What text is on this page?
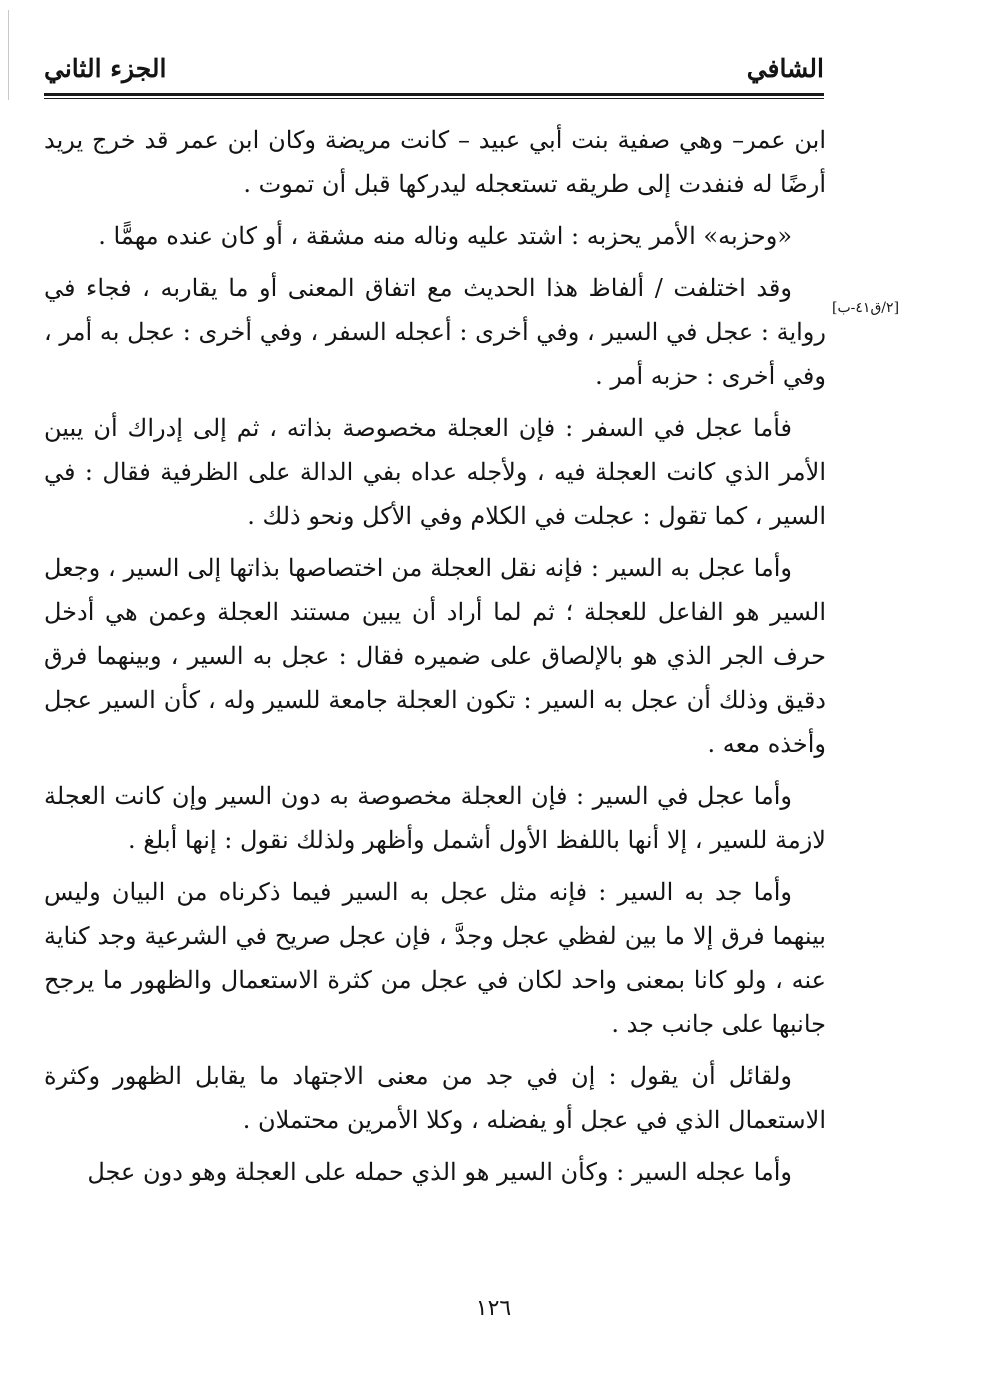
الشافي
الجزء الثاني
[٢/ق٤١-ب]

ابن عمر– وهي صفية بنت أبي عبيد – كانت مريضة وكان ابن عمر قد خرج يريد أرضًا له فنفدت إلى طريقه تستعجله ليدركها قبل أن تموت .

«وحزبه» الأمر يحزبه : اشتد عليه وناله منه مشقة ، أو كان عنده مهمًّا .

وقد اختلفت / ألفاظ هذا الحديث مع اتفاق المعنى أو ما يقاربه ، فجاء في رواية : عجل في السير ، وفي أخرى : أعجله السفر ، وفي أخرى : عجل به أمر ، وفي أخرى : حزبه أمر .

فأما عجل في السفر : فإن العجلة مخصوصة بذاته ، ثم إلى إدراك أن يبين الأمر الذي كانت العجلة فيه ، ولأجله عداه بفي الدالة على الظرفية فقال : في السير ، كما تقول : عجلت في الكلام وفي الأكل ونحو ذلك .

وأما عجل به السير : فإنه نقل العجلة من اختصاصها بذاتها إلى السير ، وجعل السير هو الفاعل للعجلة ؛ ثم لما أراد أن يبين مستند العجلة وعمن هي أدخل حرف الجر الذي هو بالإلصاق على ضميره فقال : عجل به السير ، وبينهما فرق دقيق وذلك أن عجل به السير : تكون العجلة جامعة للسير وله ، كأن السير عجل وأخذه معه .

وأما عجل في السير : فإن العجلة مخصوصة به دون السير وإن كانت العجلة لازمة للسير ، إلا أنها باللفظ الأول أشمل وأظهر ولذلك نقول : إنها أبلغ .

وأما جد به السير : فإنه مثل عجل به السير فيما ذكرناه من البيان وليس بينهما فرق إلا ما بين لفظي عجل وجدَّ ، فإن عجل صريح في الشرعية وجد كناية عنه ، ولو كانا بمعنى واحد لكان في عجل من كثرة الاستعمال والظهور ما يرجح جانبها على جانب جد .

ولقائل أن يقول : إن في جد من معنى الاجتهاد ما يقابل الظهور وكثرة الاستعمال الذي في عجل أو يفضله ، وكلا الأمرين محتملان .

وأما عجله السير : وكأن السير هو الذي حمله على العجلة وهو دون عجل

١٢٦
